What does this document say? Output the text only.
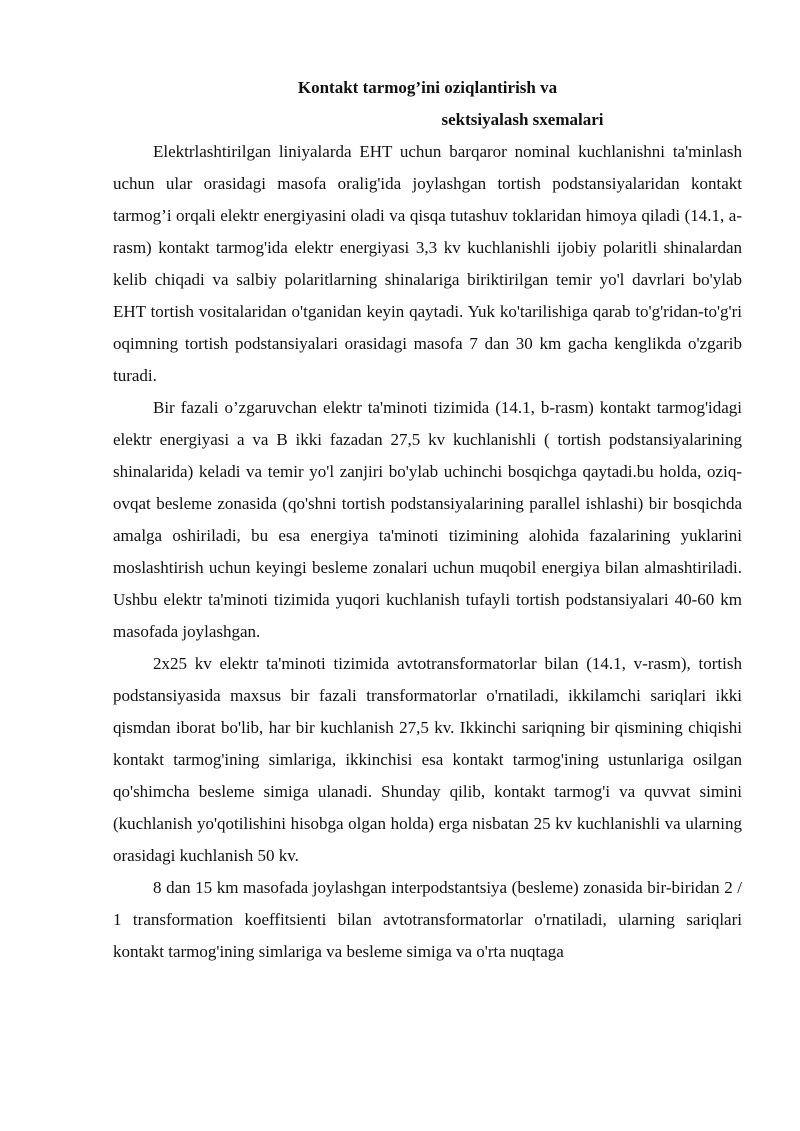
Kontakt tarmog’ini oziqlantirish va
sektsiyalash sxemalari

Elektrlashtirilgan liniyalarda EHT uchun barqaror nominal kuchlanishni ta'minlash uchun ular orasidagi masofa oralig'ida joylashgan tortish podstansiyalaridan kontakt tarmog’i orqali elektr energiyasini oladi va qisqa tutashuv toklaridan himoya qiladi (14.1, a-rasm) kontakt tarmog'ida elektr energiyasi 3,3 kv kuchlanishli ijobiy polaritli shinalardan kelib chiqadi va salbiy polaritlarning shinalariga biriktirilgan temir yo'l davrlari bo'ylab EHT tortish vositalaridan o'tganidan keyin qaytadi. Yuk ko'tarilishiga qarab to'g'ridan-to'g'ri oqimning tortish podstansiyalari orasidagi masofa 7 dan 30 km gacha kenglikda o'zgarib turadi.

Bir fazali o’zgaruvchan elektr ta'minoti tizimida (14.1, b-rasm) kontakt tarmog'idagi elektr energiyasi a va B ikki fazadan 27,5 kv kuchlanishli ( tortish podstansiyalarining shinalarida) keladi va temir yo'l zanjiri bo'ylab uchinchi bosqichga qaytadi.bu holda, oziq-ovqat besleme zonasida (qo'shni tortish podstansiyalarining parallel ishlashi) bir bosqichda amalga oshiriladi, bu esa energiya ta'minoti tizimining alohida fazalarining yuklarini moslashtirish uchun keyingi besleme zonalari uchun muqobil energiya bilan almashtiriladi. Ushbu elektr ta'minoti tizimida yuqori kuchlanish tufayli tortish podstansiyalari 40-60 km masofada joylashgan.

2x25 kv elektr ta'minoti tizimida avtotransformatorlar bilan (14.1, v-rasm), tortish podstansiyasida maxsus bir fazali transformatorlar o'rnatiladi, ikkilamchi sariqlari ikki qismdan iborat bo'lib, har bir kuchlanish 27,5 kv. Ikkinchi sariqning bir qismining chiqishi kontakt tarmog'ining simlariga, ikkinchisi esa kontakt tarmog'ining ustunlariga osilgan qo'shimcha besleme simiga ulanadi. Shunday qilib, kontakt tarmog'i va quvvat simini (kuchlanish yo'qotilishini hisobga olgan holda) erga nisbatan 25 kv kuchlanishli va ularning orasidagi kuchlanish 50 kv.

8 dan 15 km masofada joylashgan interpodstantsiya (besleme) zonasida bir-biridan 2 / 1 transformation koeffitsienti bilan avtotransformatorlar o'rnatiladi, ularning sariqlari kontakt tarmog'ining simlariga va besleme simiga va o'rta nuqtaga
